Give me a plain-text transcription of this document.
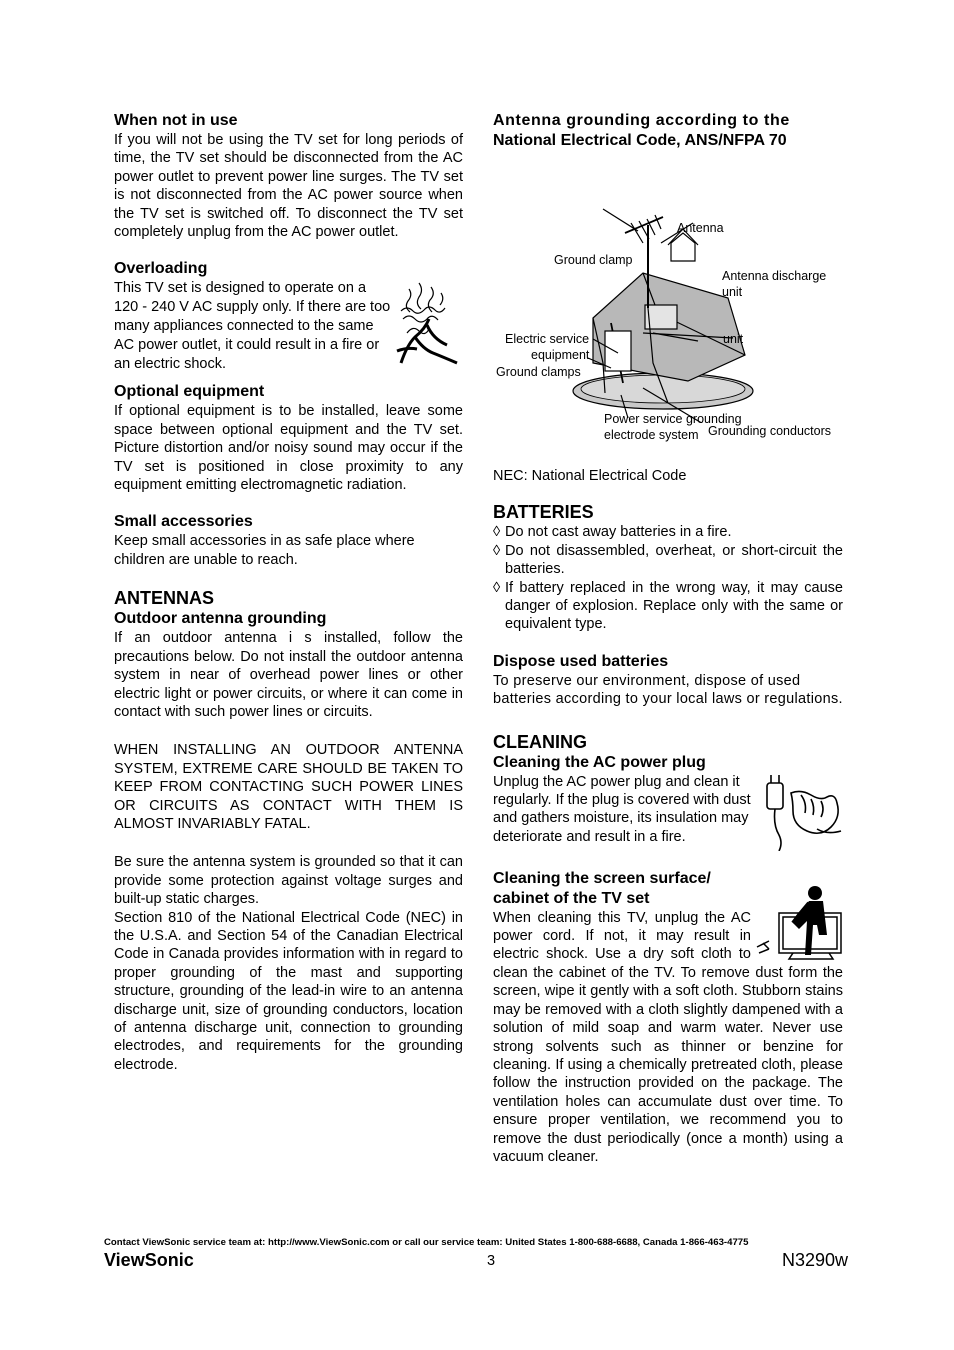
When not in use

If you will not be using the TV set for long periods of time, the TV set should be disconnected from the AC power outlet to prevent power line surges. The TV set is not disconnected from the AC power source when the TV set is switched off. To disconnect the TV set completely unplug from the AC power outlet.

Overloading

This TV set is designed to operate on a 120 - 240 V AC supply only. If there are too many appliances connected to the same AC power outlet, it could result in a fire or an electric shock.

Optional equipment

If optional equipment is to be installed, leave some space between optional equipment and the TV set. Picture distortion and/or noisy sound may occur if the TV set is positioned in close proximity to any equipment emitting electromagnetic radiation.

Small accessories

Keep small accessories in as safe place where children are unable to reach.

ANTENNAS
Outdoor antenna grounding

If an outdoor antenna i s installed, follow the precautions below. Do not install the outdoor antenna system in near of overhead power lines or other electric light or power circuits, or where it can come in contact with such power lines or circuits.

WHEN INSTALLING AN OUTDOOR ANTENNA SYSTEM, EXTREME CARE SHOULD BE TAKEN TO KEEP FROM CONTACTING SUCH POWER LINES OR CIRCUITS AS CONTACT WITH THEM IS ALMOST INVARIABLY FATAL.

Be sure the antenna system is grounded so that it can provide some protection against voltage surges and built-up static charges.

Section 810 of the National Electrical Code (NEC) in the U.S.A. and Section 54 of the Canadian Electrical Code in Canada provides information with in regard to proper grounding of the mast and supporting structure, grounding of the lead-in wire to an antenna discharge unit, size of grounding conductors, location of antenna discharge unit, connection to grounding electrodes, and requirements for the grounding electrode.

Antenna grounding according to the
National Electrical Code, ANS/NFPA 70
Antenna
Ground clamp
Antenna discharge
unit
Electric service
equipment
unit
Ground clamps
Grounding conductors
Power service grounding
electrode system

NEC: National Electrical Code

BATTERIES
◊ Do not cast away batteries in a fire.
◊ Do not disassembled, overheat, or short-circuit the batteries.
◊ If battery replaced in the wrong way, it may cause danger of explosion. Replace only with the same or equivalent type.
Dispose used batteries

To preserve our environment, dispose of used batteries according to your local laws or regulations.

CLEANING
Cleaning the AC power plug

Unplug the AC power plug and clean it regularly. If the plug is covered with dust and gathers moisture, its insulation may deteriorate and result in a fire.

Cleaning the screen surface/
cabinet of the TV set

When cleaning this TV, unplug the AC power cord. If not, it may result in electric shock. Use a dry soft cloth to clean the cabinet of the TV. To remove dust form the screen, wipe it gently with a soft cloth. Stubborn stains may be removed with a cloth slightly dampened with a solution of mild soap and warm water. Never use strong solvents such as thinner or benzine for cleaning. If using a chemically pretreated cloth, please follow the instruction provided on the package. The ventilation holes can accumulate dust over time. To ensure proper ventilation, we recommend you to remove the dust periodically (once a month) using a vacuum cleaner.

Contact ViewSonic service team at: http://www.ViewSonic.com or call our service team: United States 1-800-688-6688, Canada 1-866-463-4775
ViewSonic	3	N3290w
